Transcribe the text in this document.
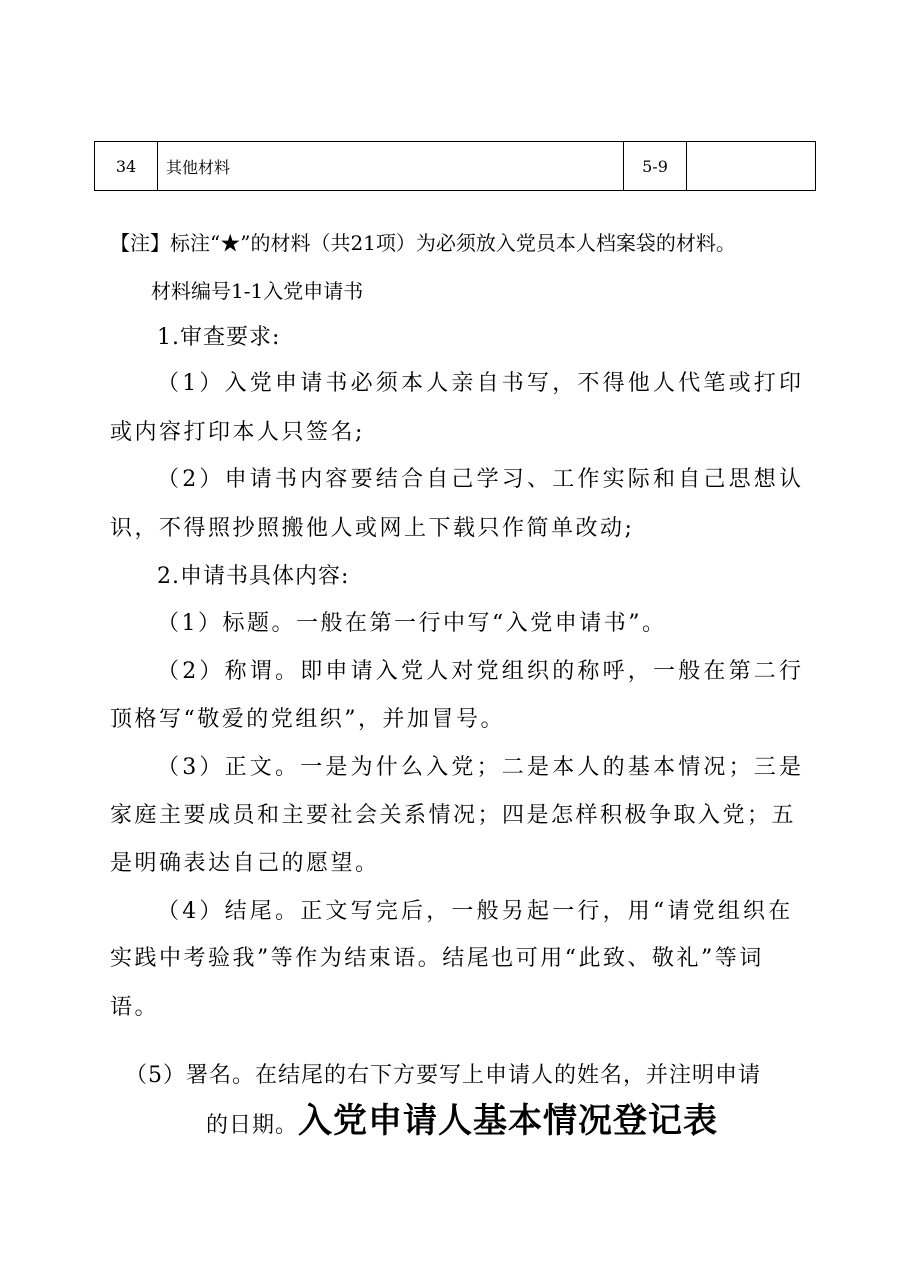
34	其他材料	5-9	
【注】标注“★”的材料（共21项）为必须放入党员本人档案袋的材料。
材料编号1-1入党申请书
1.审查要求:
（1）入党申请书必须本人亲自书写，不得他人代笔或打印
或内容打印本人只签名;
（2）申请书内容要结合自己学习、工作实际和自己思想认
识，不得照抄照搬他人或网上下载只作简单改动;
2.申请书具体内容:
（1）标题。一般在第一行中写“入党申请书”。
（2）称谓。即申请入党人对党组织的称呼，一般在第二行
顶格写“敬爱的党组织”，并加冒号。
（3）正文。一是为什么入党；二是本人的基本情况；三是
家庭主要成员和主要社会关系情况；四是怎样积极争取入党；五
是明确表达自己的愿望。
（4）结尾。正文写完后，一般另起一行，用“请党组织在
实践中考验我”等作为结束语。结尾也可用“此致、敬礼”等词
语。
（5）署名。在结尾的右下方要写上申请人的姓名，并注明申请
的日期。入党申请人基本情况登记表
